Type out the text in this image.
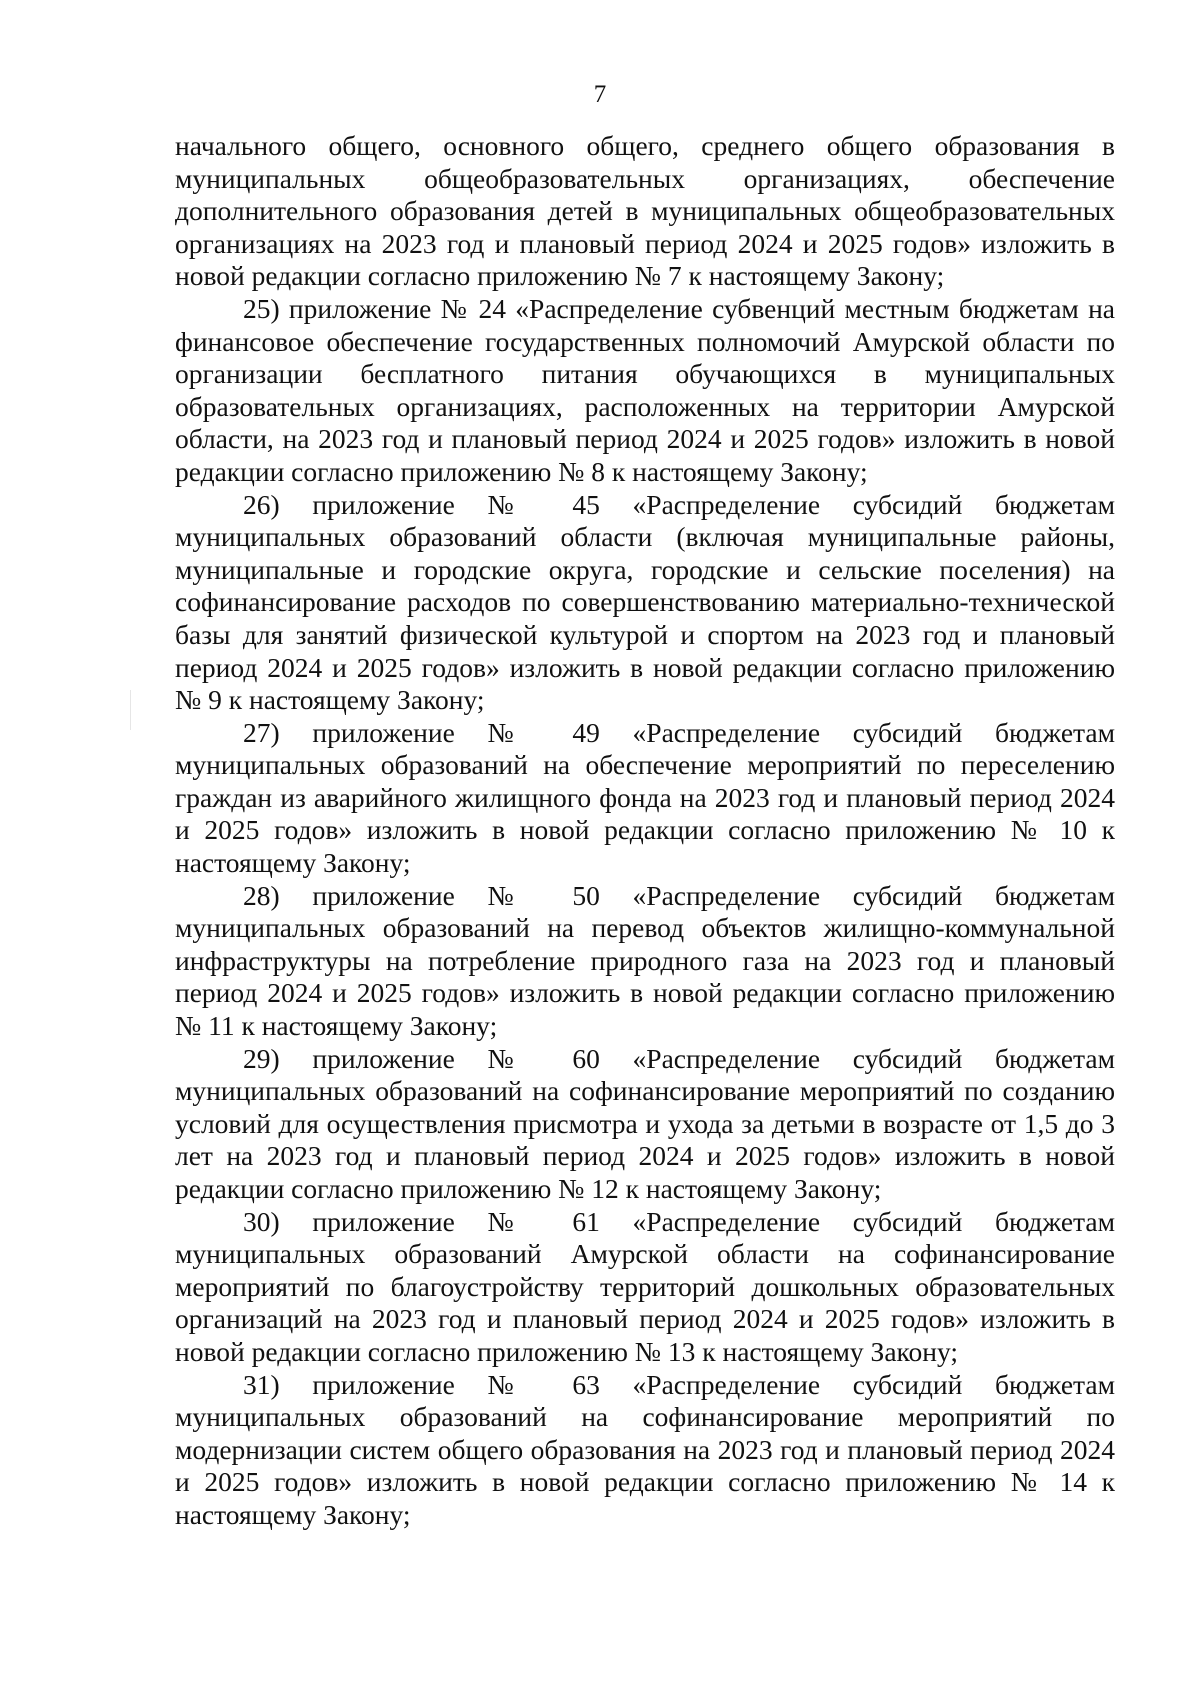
7

начального общего, основного общего, среднего общего образования в муниципальных общеобразовательных организациях, обеспечение дополнительного образования детей в муниципальных общеобразовательных организациях на 2023 год и плановый период 2024 и 2025 годов» изложить в новой редакции согласно приложению № 7 к настоящему Закону;

25) приложение № 24 «Распределение субвенций местным бюджетам на финансовое обеспечение государственных полномочий Амурской области по организации бесплатного питания обучающихся в муниципальных образовательных организациях, расположенных на территории Амурской области, на 2023 год и плановый период 2024 и 2025 годов» изложить в новой редакции согласно приложению № 8 к настоящему Закону;

26) приложение № 45 «Распределение субсидий бюджетам муниципальных образований области (включая муниципальные районы, муниципальные и городские округа, городские и сельские поселения) на софинансирование расходов по совершенствованию материально-технической базы для занятий физической культурой и спортом на 2023 год и плановый период 2024 и 2025 годов» изложить в новой редакции согласно приложению № 9 к настоящему Закону;

27) приложение № 49 «Распределение субсидий бюджетам муниципальных образований на обеспечение мероприятий по переселению граждан из аварийного жилищного фонда на 2023 год и плановый период 2024 и 2025 годов» изложить в новой редакции согласно приложению № 10 к настоящему Закону;

28) приложение № 50 «Распределение субсидий бюджетам муниципальных образований на перевод объектов жилищно-коммунальной инфраструктуры на потребление природного газа на 2023 год и плановый период 2024 и 2025 годов» изложить в новой редакции согласно приложению № 11 к настоящему Закону;

29) приложение № 60 «Распределение субсидий бюджетам муниципальных образований на софинансирование мероприятий по созданию условий для осуществления присмотра и ухода за детьми в возрасте от 1,5 до 3 лет на 2023 год и плановый период 2024 и 2025 годов» изложить в новой редакции согласно приложению № 12 к настоящему Закону;

30) приложение № 61 «Распределение субсидий бюджетам муниципальных образований Амурской области на софинансирование мероприятий по благоустройству территорий дошкольных образовательных организаций на 2023 год и плановый период 2024 и 2025 годов» изложить в новой редакции согласно приложению № 13 к настоящему Закону;

31) приложение № 63 «Распределение субсидий бюджетам муниципальных образований на софинансирование мероприятий по модернизации систем общего образования на 2023 год и плановый период 2024 и 2025 годов» изложить в новой редакции согласно приложению № 14 к настоящему Закону;
